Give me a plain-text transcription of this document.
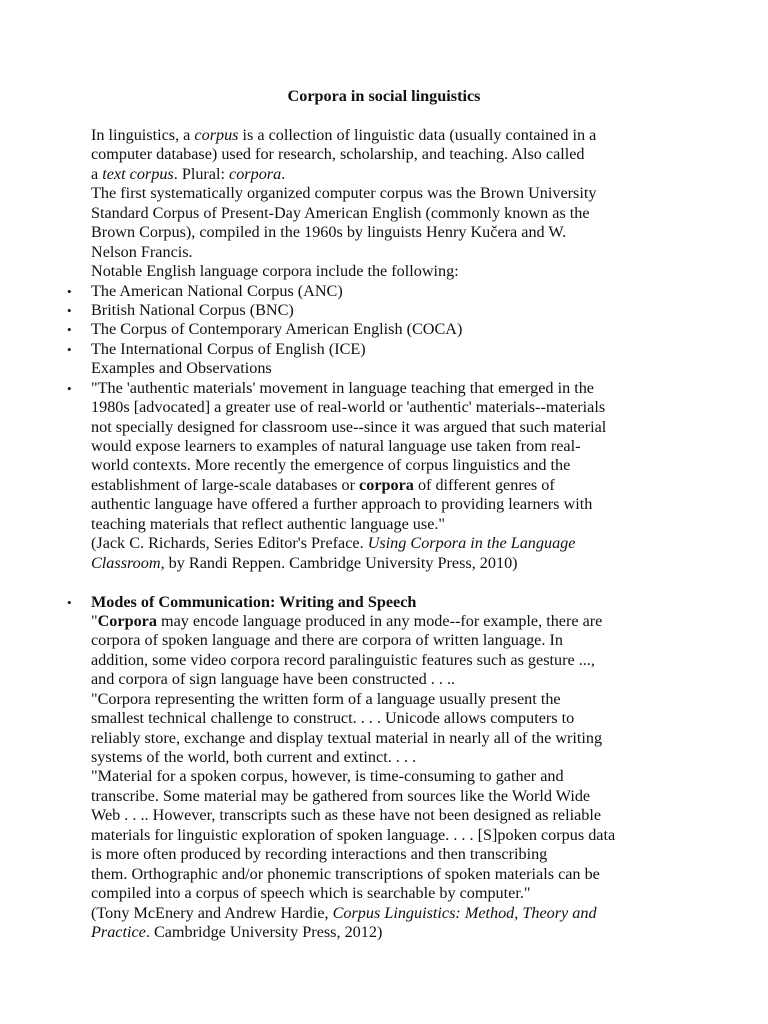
Corpora in social linguistics
In linguistics, a corpus is a collection of linguistic data (usually contained in a
computer database) used for research, scholarship, and teaching. Also called
a text corpus. Plural: corpora.
The first systematically organized computer corpus was the Brown University
Standard Corpus of Present-Day American English (commonly known as the
Brown Corpus), compiled in the 1960s by linguists Henry Kučera and W.
Nelson Francis.
Notable English language corpora include the following:
• The American National Corpus (ANC)
• British National Corpus (BNC)
• The Corpus of Contemporary American English (COCA)
• The International Corpus of English (ICE)
Examples and Observations
• "The 'authentic materials' movement in language teaching that emerged in the
1980s [advocated] a greater use of real-world or 'authentic' materials--materials
not specially designed for classroom use--since it was argued that such material
would expose learners to examples of natural language use taken from real-
world contexts. More recently the emergence of corpus linguistics and the
establishment of large-scale databases or corpora of different genres of
authentic language have offered a further approach to providing learners with
teaching materials that reflect authentic language use."
(Jack C. Richards, Series Editor's Preface. Using Corpora in the Language
Classroom, by Randi Reppen. Cambridge University Press, 2010)
• Modes of Communication: Writing and Speech
"Corpora may encode language produced in any mode--for example, there are
corpora of spoken language and there are corpora of written language. In
addition, some video corpora record paralinguistic features such as gesture ...,
and corpora of sign language have been constructed . . ..
"Corpora representing the written form of a language usually present the
smallest technical challenge to construct. . . . Unicode allows computers to
reliably store, exchange and display textual material in nearly all of the writing
systems of the world, both current and extinct. . . .
"Material for a spoken corpus, however, is time-consuming to gather and
transcribe. Some material may be gathered from sources like the World Wide
Web . . .. However, transcripts such as these have not been designed as reliable
materials for linguistic exploration of spoken language. . . . [S]poken corpus data
is more often produced by recording interactions and then transcribing
them. Orthographic and/or phonemic transcriptions of spoken materials can be
compiled into a corpus of speech which is searchable by computer."
(Tony McEnery and Andrew Hardie, Corpus Linguistics: Method, Theory and
Practice. Cambridge University Press, 2012)
